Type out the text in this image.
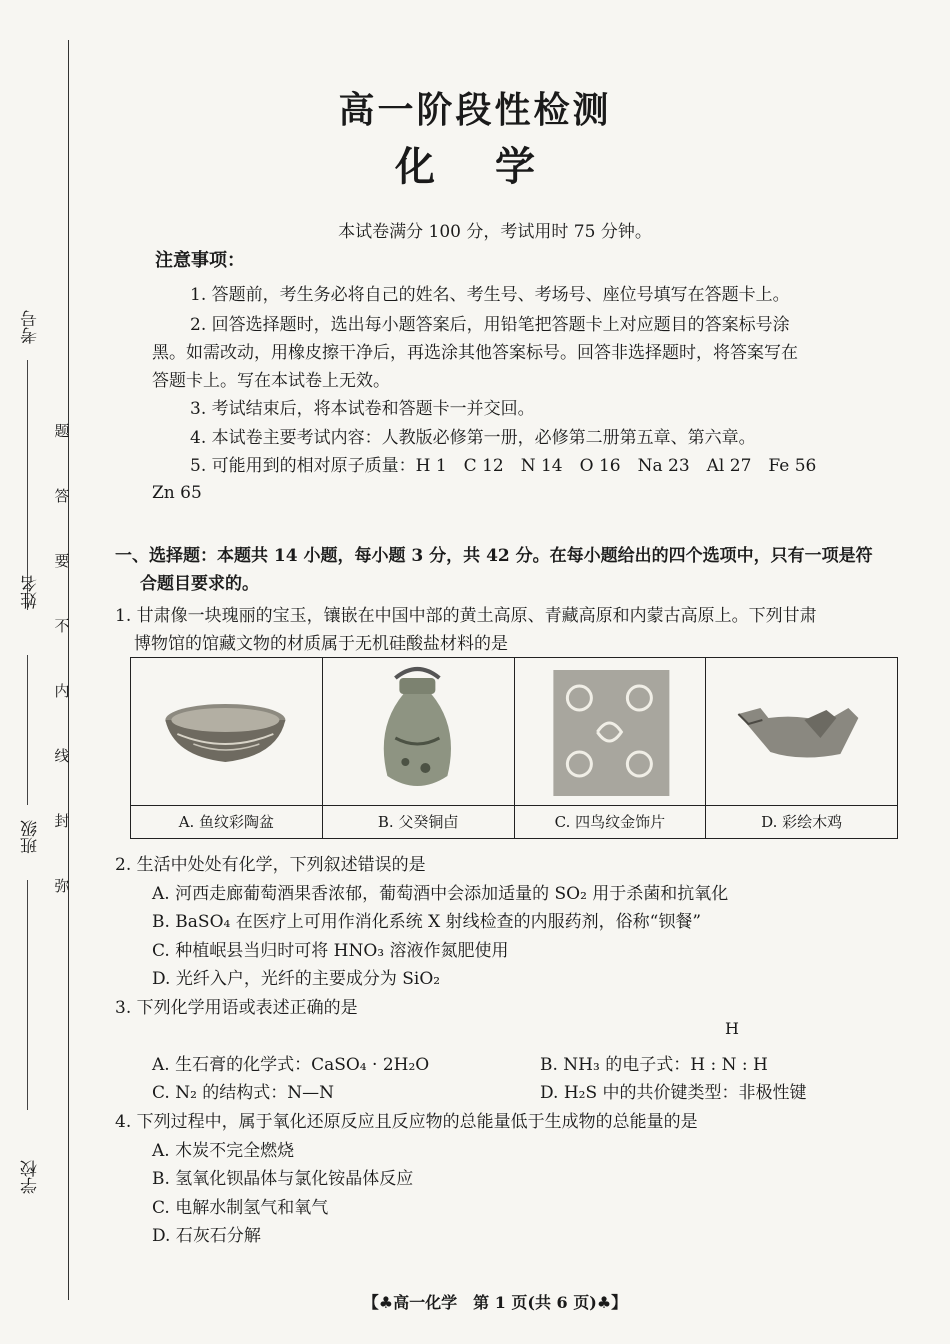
考号
姓名
班级
学校
题
答
要
不
内
线
封
弥
高一阶段性检测
化学
本试卷满分 100 分，考试用时 75 分钟。
注意事项：
1. 答题前，考生务必将自己的姓名、考生号、考场号、座位号填写在答题卡上。
2. 回答选择题时，选出每小题答案后，用铅笔把答题卡上对应题目的答案标号涂
黑。如需改动，用橡皮擦干净后，再选涂其他答案标号。回答非选择题时，将答案写在
答题卡上。写在本试卷上无效。
3. 考试结束后，将本试卷和答题卡一并交回。
4. 本试卷主要考试内容：人教版必修第一册，必修第二册第五章、第六章。
5. 可能用到的相对原子质量：H 1　C 12　N 14　O 16　Na 23　Al 27　Fe 56
Zn 65
一、选择题：本题共 14 小题，每小题 3 分，共 42 分。在每小题给出的四个选项中，只有一项是符
合题目要求的。
1. 甘肃像一块瑰丽的宝玉，镶嵌在中国中部的黄土高原、青藏高原和内蒙古高原上。下列甘肃
博物馆的馆藏文物的材质属于无机硅酸盐材料的是
A. 鱼纹彩陶盆	B. 父癸铜卣	C. 四鸟纹金饰片	D. 彩绘木鸡
2. 生活中处处有化学，下列叙述错误的是
A. 河西走廊葡萄酒果香浓郁，葡萄酒中会添加适量的 SO₂ 用于杀菌和抗氧化
B. BaSO₄ 在医疗上可用作消化系统 X 射线检查的内服药剂，俗称“钡餐”
C. 种植岷县当归时可将 HNO₃ 溶液作氮肥使用
D. 光纤入户，光纤的主要成分为 SiO₂
3. 下列化学用语或表述正确的是
H
A. 生石膏的化学式：CaSO₄ · 2H₂O	B. NH₃ 的电子式：H : N : H
C. N₂ 的结构式：N—N	D. H₂S 中的共价键类型：非极性键
4. 下列过程中，属于氧化还原反应且反应物的总能量低于生成物的总能量的是
A. 木炭不完全燃烧
B. 氢氧化钡晶体与氯化铵晶体反应
C. 电解水制氢气和氧气
D. 石灰石分解
【♣高一化学　第 1 页(共 6 页)♣】
